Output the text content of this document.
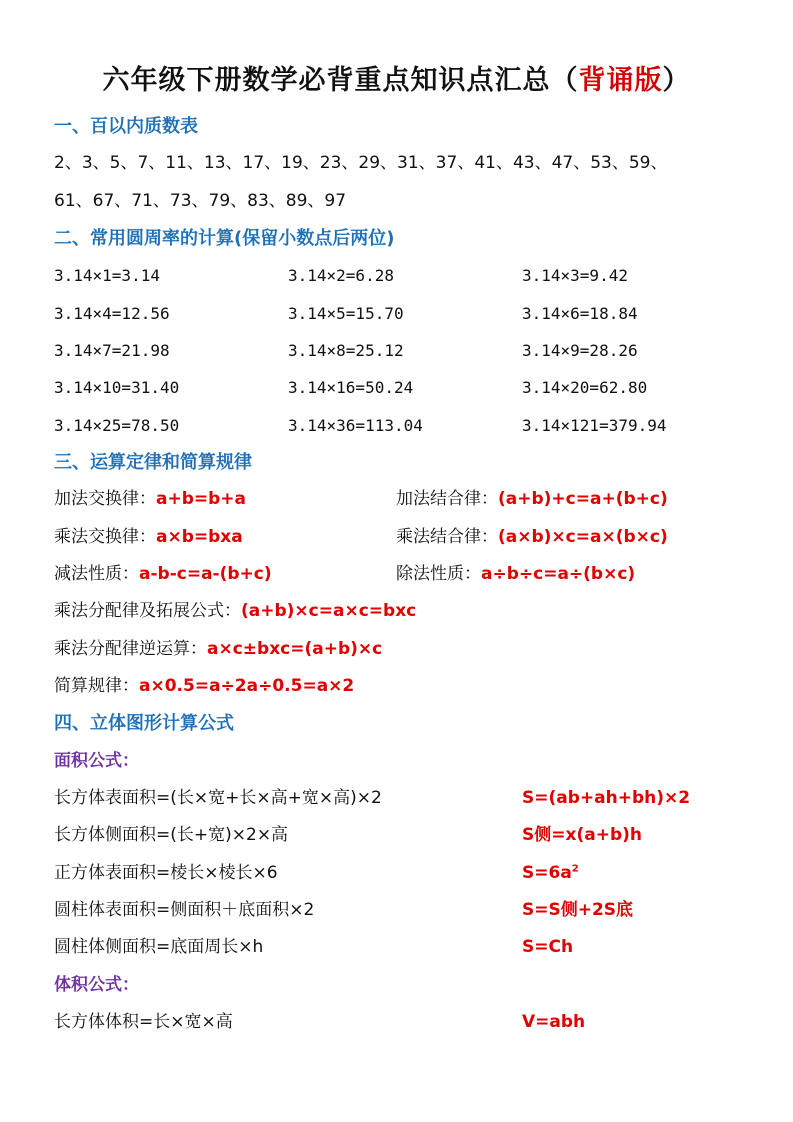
六年级下册数学必背重点知识点汇总（背诵版）
一、百以内质数表
2、3、5、7、11、13、17、19、23、29、31、37、41、43、47、53、59、
61、67、71、73、79、83、89、97
二、常用圆周率的计算(保留小数点后两位)
3.14×1=3.14	3.14×2=6.28	3.14×3=9.42
3.14×4=12.56	3.14×5=15.70	3.14×6=18.84
3.14×7=21.98	3.14×8=25.12	3.14×9=28.26
3.14×10=31.40	3.14×16=50.24	3.14×20=62.80
3.14×25=78.50	3.14×36=113.04	3.14×121=379.94
三、运算定律和简算规律
加法交换律：a+b=b+a	加法结合律：(a+b)+c=a+(b+c)
乘法交换律：a×b=bxa	乘法结合律：(a×b)×c=a×(b×c)
减法性质：a-b-c=a-(b+c)	除法性质：a÷b÷c=a÷(b×c)
乘法分配律及拓展公式：(a+b)×c=a×c=bxc
乘法分配律逆运算：a×c±bxc=(a+b)×c
简算规律：a×0.5=a÷2a÷0.5=a×2
四、立体图形计算公式
面积公式：
长方体表面积=(长×宽+长×高+宽×高)×2	S=(ab+ah+bh)×2
长方体侧面积=(长+宽)×2×高	S侧=x(a+b)h
正方体表面积=棱长×棱长×6	$S=6a^2$
圆柱体表面积=侧面积＋底面积×2	S=S侧+2S底
圆柱体侧面积=底面周长×h	S=Ch
体积公式：
长方体体积=长×宽×高	V=abh
